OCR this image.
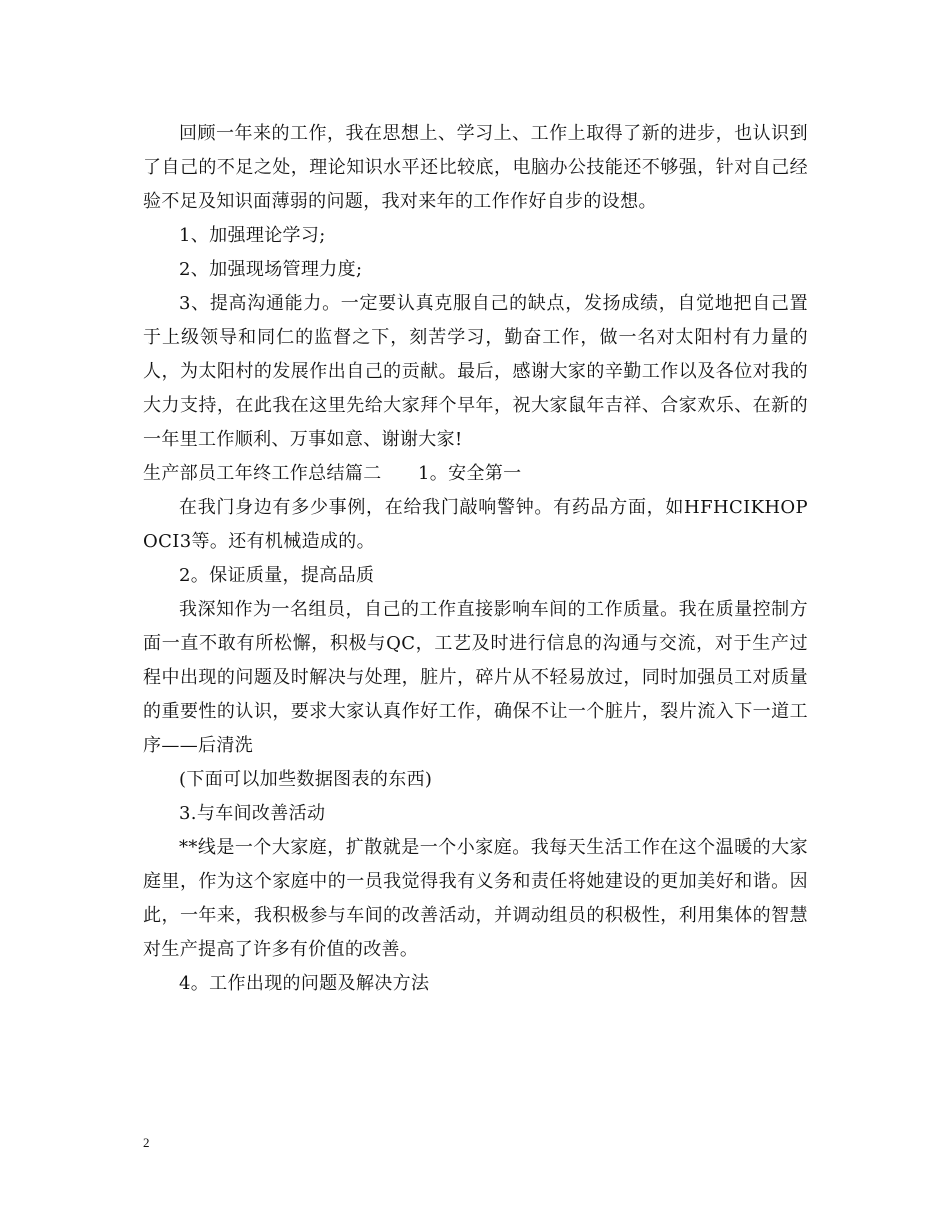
回顾一年来的工作，我在思想上、学习上、工作上取得了新的进步，也认识到了自己的不足之处，理论知识水平还比较底，电脑办公技能还不够强，针对自己经验不足及知识面薄弱的问题，我对来年的工作作好自步的设想。

1、加强理论学习;

2、加强现场管理力度;

3、提高沟通能力。一定要认真克服自己的缺点，发扬成绩，自觉地把自己置于上级领导和同仁的监督之下，刻苦学习，勤奋工作，做一名对太阳村有力量的人，为太阳村的发展作出自己的贡献。最后，感谢大家的辛勤工作以及各位对我的大力支持，在此我在这里先给大家拜个早年，祝大家鼠年吉祥、合家欢乐、在新的一年里工作顺利、万事如意、谢谢大家!

生产部员工年终工作总结篇二      1。安全第一

在我门身边有多少事例，在给我门敲响警钟。有药品方面，如HFHCIKHOPOCI3等。还有机械造成的。

2。保证质量，提高品质

我深知作为一名组员，自己的工作直接影响车间的工作质量。我在质量控制方面一直不敢有所松懈，积极与QC，工艺及时进行信息的沟通与交流，对于生产过程中出现的问题及时解决与处理，脏片，碎片从不轻易放过，同时加强员工对质量的重要性的认识，要求大家认真作好工作，确保不让一个脏片，裂片流入下一道工序——后清洗

(下面可以加些数据图表的东西)

3.与车间改善活动

**线是一个大家庭，扩散就是一个小家庭。我每天生活工作在这个温暖的大家庭里，作为这个家庭中的一员我觉得我有义务和责任将她建设的更加美好和谐。因此，一年来，我积极参与车间的改善活动，并调动组员的积极性，利用集体的智慧对生产提高了许多有价值的改善。

4。工作出现的问题及解决方法

2
